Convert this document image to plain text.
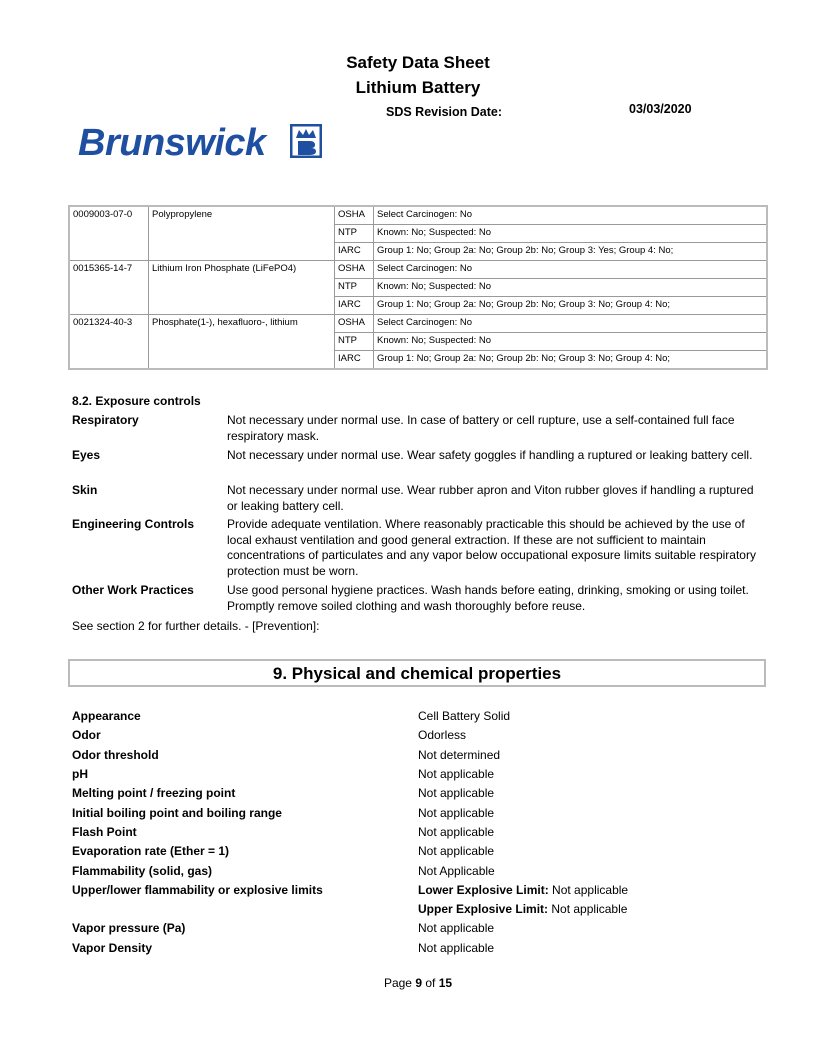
Safety Data Sheet
Lithium Battery
SDS Revision Date:	03/03/2020
Brunswick
0009003-07-0	Polypropylene	OSHA	Select Carcinogen: No
		NTP	Known: No; Suspected: No
		IARC	Group 1: No; Group 2a: No; Group 2b: No; Group 3: Yes; Group 4: No;
0015365-14-7	Lithium Iron Phosphate (LiFePO4)	OSHA	Select Carcinogen: No
		NTP	Known: No; Suspected: No
		IARC	Group 1: No; Group 2a: No; Group 2b: No; Group 3: No; Group 4: No;
0021324-40-3	Phosphate(1-), hexafluoro-, lithium	OSHA	Select Carcinogen: No
		NTP	Known: No; Suspected: No
		IARC	Group 1: No; Group 2a: No; Group 2b: No; Group 3: No; Group 4: No;
8.2. Exposure controls
Respiratory	Not necessary under normal use. In case of battery or cell rupture, use a self-contained full face respiratory mask.
Eyes	Not necessary under normal use. Wear safety goggles if handling a ruptured or leaking battery cell.
Skin	Not necessary under normal use. Wear rubber apron and Viton rubber gloves if handling a ruptured or leaking battery cell.
Engineering Controls	Provide adequate ventilation. Where reasonably practicable this should be achieved by the use of local exhaust ventilation and good general extraction. If these are not sufficient to maintain concentrations of particulates and any vapor below occupational exposure limits suitable respiratory protection must be worn.
Other Work Practices	Use good personal hygiene practices. Wash hands before eating, drinking, smoking or using toilet. Promptly remove soiled clothing and wash thoroughly before reuse.
See section 2 for further details. - [Prevention]:
9. Physical and chemical properties
Appearance	Cell Battery Solid
Odor	Odorless
Odor threshold	Not determined
pH	Not applicable
Melting point / freezing point	Not applicable
Initial boiling point and boiling range	Not applicable
Flash Point	Not applicable
Evaporation rate (Ether = 1)	Not applicable
Flammability (solid, gas)	Not Applicable
Upper/lower flammability or explosive limits	Lower Explosive Limit: Not applicable
Upper Explosive Limit: Not applicable
Vapor pressure (Pa)	Not applicable
Vapor Density	Not applicable
Page 9 of 15
